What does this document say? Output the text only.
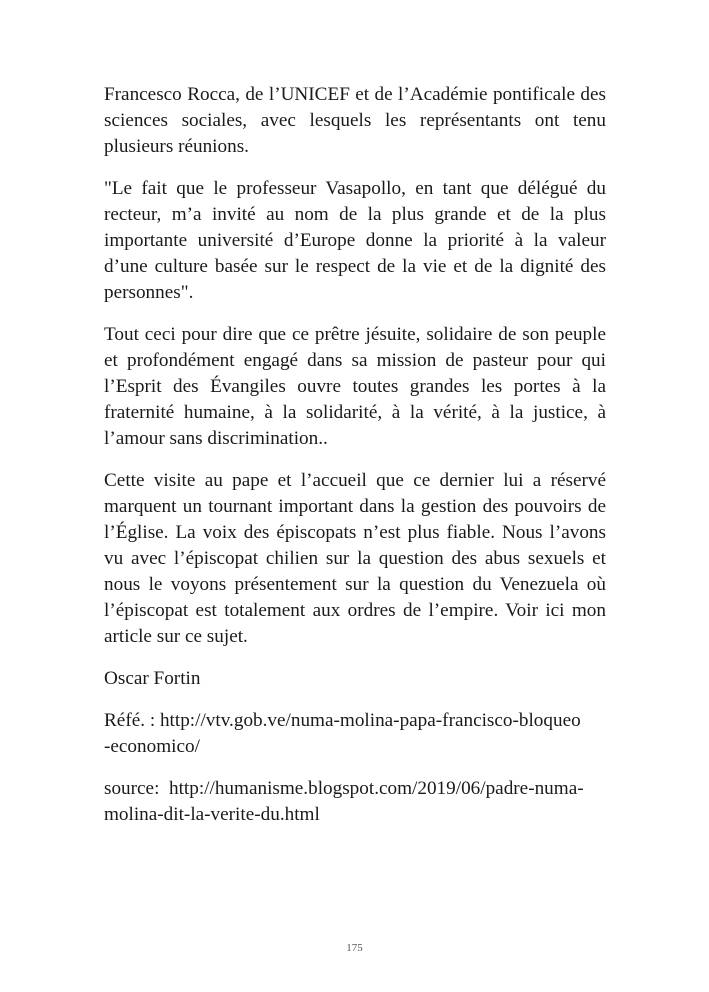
Francesco Rocca, de l’UNICEF et de l’Académie pontificale des sciences sociales, avec lesquels les représentants ont tenu plusieurs réunions.

"Le fait que le professeur Vasapollo, en tant que délégué du recteur, m’a invité au nom de la plus grande et de la plus importante université d’Europe donne la priorité à la valeur d’une culture basée sur le respect de la vie et de la dignité des personnes".

Tout ceci pour dire que ce prêtre jésuite, solidaire de son peuple et profondément engagé dans sa mission de pasteur pour qui l’Esprit des Évangiles ouvre toutes grandes les portes à la fraternité humaine, à la solidarité, à la vérité, à la justice, à l’amour sans discrimination..

Cette visite au pape et l’accueil que ce dernier lui a réservé marquent un tournant important dans la gestion des pouvoirs de l’Église. La voix des épiscopats n’est plus fiable. Nous l’avons vu avec l’épiscopat chilien sur la question des abus sexuels et nous le voyons présentement sur la question du Venezuela où l’épiscopat est totalement aux ordres de l’empire. Voir ici mon article sur ce sujet.

Oscar Fortin

Réfé. : http://vtv.gob.ve/numa-molina-papa-francisco-bloqueo
-economico/

source:  http://humanisme.blogspot.com/2019/06/padre-numa-
molina-dit-la-verite-du.html

175
